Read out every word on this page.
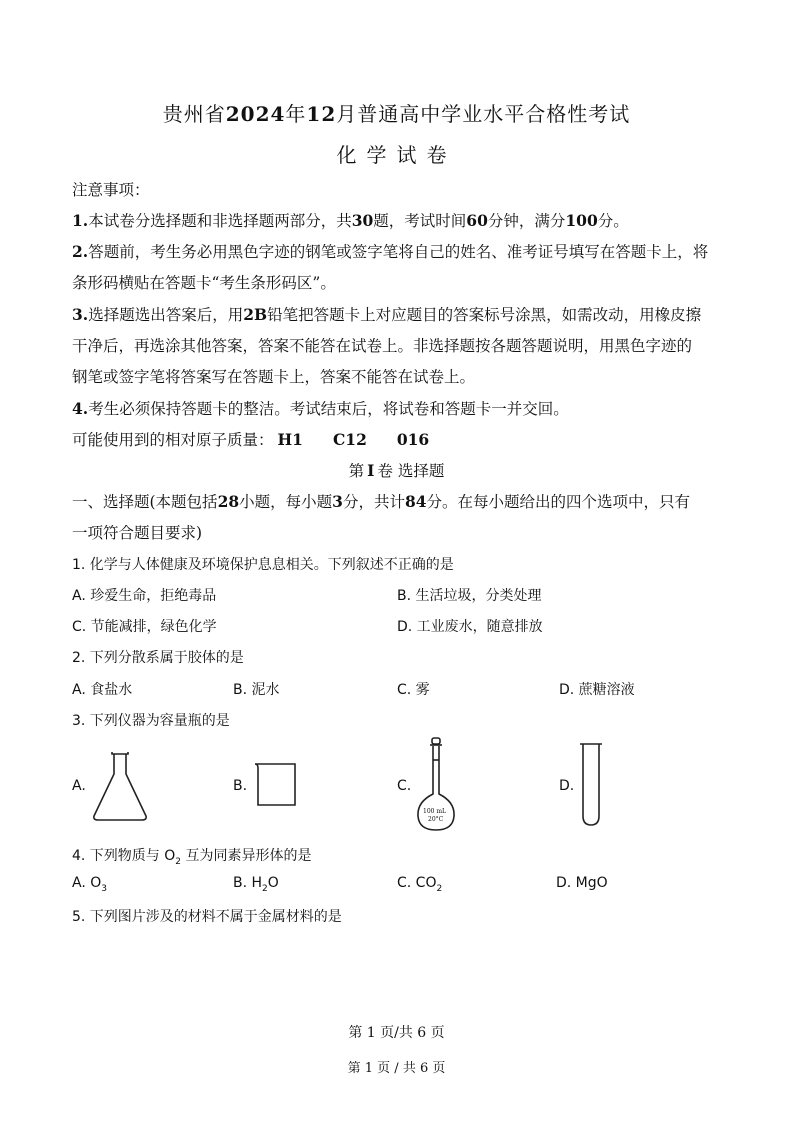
贵州省2024年12月普通高中学业水平合格性考试
化学试卷
注意事项：
1.本试卷分选择题和非选择题两部分，共30题，考试时间60分钟，满分100分。
2.答题前，考生务必用黑色字迹的钢笔或签字笔将自己的姓名、准考证号填写在答题卡上，将
条形码横贴在答题卡“考生条形码区”。
3.选择题选出答案后，用2B铅笔把答题卡上对应题目的答案标号涂黑，如需改动，用橡皮擦
干净后，再选涂其他答案，答案不能答在试卷上。非选择题按各题答题说明，用黑色字迹的
钢笔或签字笔将答案写在答题卡上，答案不能答在试卷上。
4.考生必须保持答题卡的整洁。考试结束后，将试卷和答题卡一并交回。
可能使用到的相对原子质量： H1 C12 016
第 I 卷 选择题
一、选择题(本题包括28小题，每小题3分，共计84分。在每小题给出的四个选项中，只有
一项符合题目要求)
1. 化学与人体健康及环境保护息息相关。下列叙述不正确的是
A. 珍爱生命，拒绝毒品	B. 生活垃圾，分类处理
C. 节能减排，绿色化学	D. 工业废水，随意排放
2. 下列分散系属于胶体的是
A. 食盐水	B. 泥水	C. 雾	D. 蔗糖溶液
3. 下列仪器为容量瓶的是
A.	B.	C.	D.
100 mL
20°C
4. 下列物质与 $O_2$ 互为同素异形体的是
A. $O_3$	B. $H_2O$	C. $CO_2$	D. MgO
5. 下列图片涉及的材料不属于金属材料的是
第 1 页/共 6 页
第 1 页 / 共 6 页
